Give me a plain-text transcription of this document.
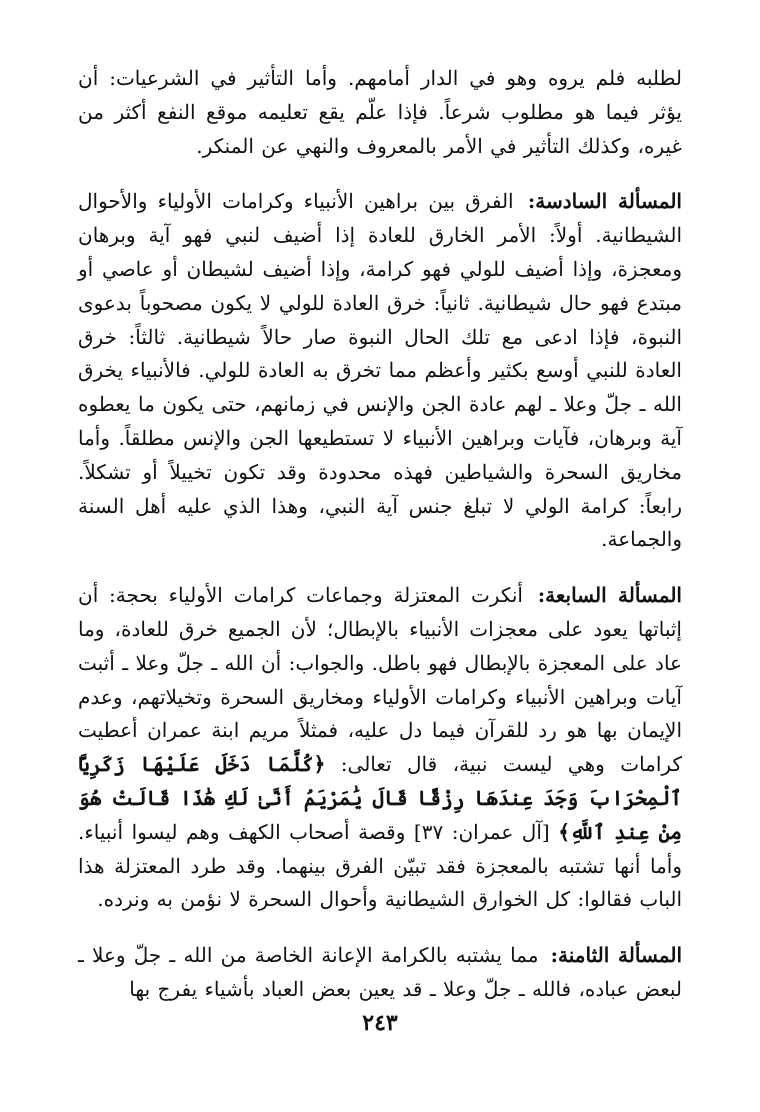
لطلبه فلم يروه وهو في الدار أمامهم. وأما التأثير في الشرعيات: أن يؤثر فيما هو مطلوب شرعاً. فإذا علّم يقع تعليمه موقع النفع أكثر من غيره، وكذلك التأثير في الأمر بالمعروف والنهي عن المنكر.

المسألة السادسة: الفرق بين براهين الأنبياء وكرامات الأولياء والأحوال الشيطانية. أولاً: الأمر الخارق للعادة إذا أضيف لنبي فهو آية وبرهان ومعجزة، وإذا أضيف للولي فهو كرامة، وإذا أضيف لشيطان أو عاصي أو مبتدع فهو حال شيطانية. ثانياً: خرق العادة للولي لا يكون مصحوباً بدعوى النبوة، فإذا ادعى مع تلك الحال النبوة صار حالاً شيطانية. ثالثاً: خرق العادة للنبي أوسع بكثير وأعظم مما تخرق به العادة للولي. فالأنبياء يخرق الله ـ جلّ وعلا ـ لهم عادة الجن والإنس في زمانهم، حتى يكون ما يعطوه آية وبرهان، فآيات وبراهين الأنبياء لا تستطيعها الجن والإنس مطلقاً. وأما مخاريق السحرة والشياطين فهذه محدودة وقد تكون تخييلاً أو تشكلاً. رابعاً: كرامة الولي لا تبلغ جنس آية النبي، وهذا الذي عليه أهل السنة والجماعة.

المسألة السابعة: أنكرت المعتزلة وجماعات كرامات الأولياء بحجة: أن إثباتها يعود على معجزات الأنبياء بالإبطال؛ لأن الجميع خرق للعادة، وما عاد على المعجزة بالإبطال فهو باطل. والجواب: أن الله ـ جلّ وعلا ـ أثبت آيات وبراهين الأنبياء وكرامات الأولياء ومخاريق السحرة وتخيلاتهم، وعدم الإيمان بها هو رد للقرآن فيما دل عليه، فمثلاً مريم ابنة عمران أعطيت كرامات وهي ليست نبية، قال تعالى: ﴿كُلَّمَا دَخَلَ عَلَيْهَا زَكَرِيَّا ٱلْمِحْرَابَ وَجَدَ عِندَهَا رِزْقًا قَالَ يَٰمَرْيَمُ أَنَّىٰ لَكِ هَٰذَا قَالَتْ هُوَ مِنْ عِندِ ٱللَّهِ﴾ [آل عمران: ٣٧] وقصة أصحاب الكهف وهم ليسوا أنبياء. وأما أنها تشتبه بالمعجزة فقد تبيّن الفرق بينهما. وقد طرد المعتزلة هذا الباب فقالوا: كل الخوارق الشيطانية وأحوال السحرة لا نؤمن به ونرده.

المسألة الثامنة: مما يشتبه بالكرامة الإعانة الخاصة من الله ـ جلّ وعلا ـ لبعض عباده، فالله ـ جلّ وعلا ـ قد يعين بعض العباد بأشياء يفرج بها

٢٤٣
